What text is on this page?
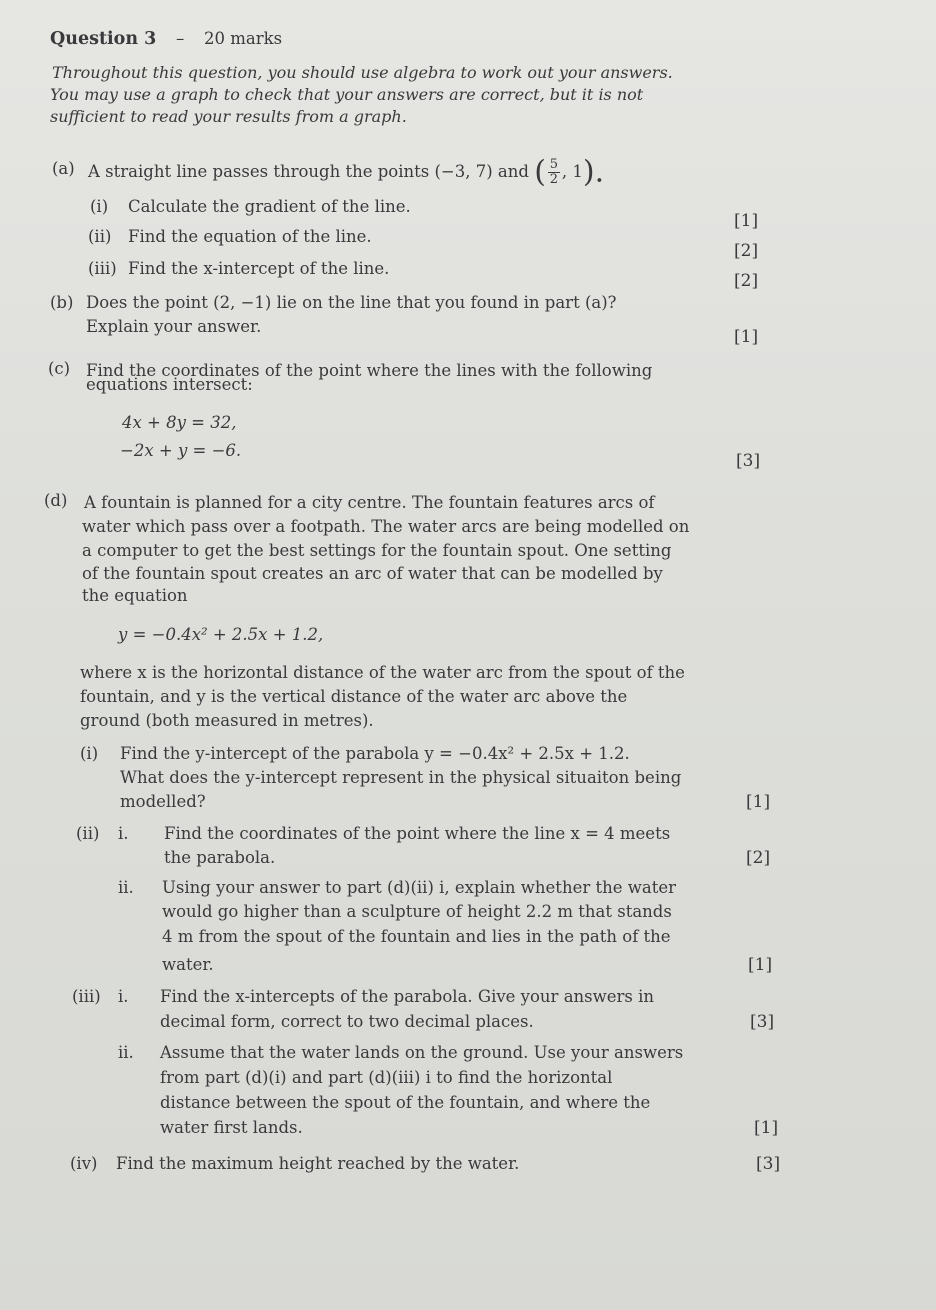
Question 3 – 20 marks
Throughout this question, you should use algebra to work out your answers.
You may use a graph to check that your answers are correct, but it is not
sufficient to read your results from a graph.
(a) A straight line passes through the points (−3, 7) and ( $\frac{5}{2}$ , 1).
(i) Calculate the gradient of the line.
[1]
(ii) Find the equation of the line.
[2]
(iii) Find the x-intercept of the line.
[2]
(b) Does the point (2, −1) lie on the line that you found in part (a)?
Explain your answer.
[1]
(c) Find the coordinates of the point where the lines with the following
equations intersect:
4x + 8y = 32,
−2x + y = −6.
[3]
(d) A fountain is planned for a city centre. The fountain features arcs of
water which pass over a footpath. The water arcs are being modelled on
a computer to get the best settings for the fountain spout. One setting
of the fountain spout creates an arc of water that can be modelled by
the equation
y = −0.4x² + 2.5x + 1.2,
where x is the horizontal distance of the water arc from the spout of the
fountain, and y is the vertical distance of the water arc above the
ground (both measured in metres).
(i) Find the y-intercept of the parabola y = −0.4x² + 2.5x + 1.2.
What does the y-intercept represent in the physical situaiton being
modelled?	[1]
(ii) i. Find the coordinates of the point where the line x = 4 meets
the parabola.	[2]
ii. Using your answer to part (d)(ii) i, explain whether the water
would go higher than a sculpture of height 2.2 m that stands
4 m from the spout of the fountain and lies in the path of the
water.	[1]
(iii) i. Find the x-intercepts of the parabola. Give your answers in
decimal form, correct to two decimal places.	[3]
ii. Assume that the water lands on the ground. Use your answers
from part (d)(i) and part (d)(iii) i to find the horizontal
distance between the spout of the fountain, and where the
water first lands.	[1]
(iv) Find the maximum height reached by the water.	[3]
